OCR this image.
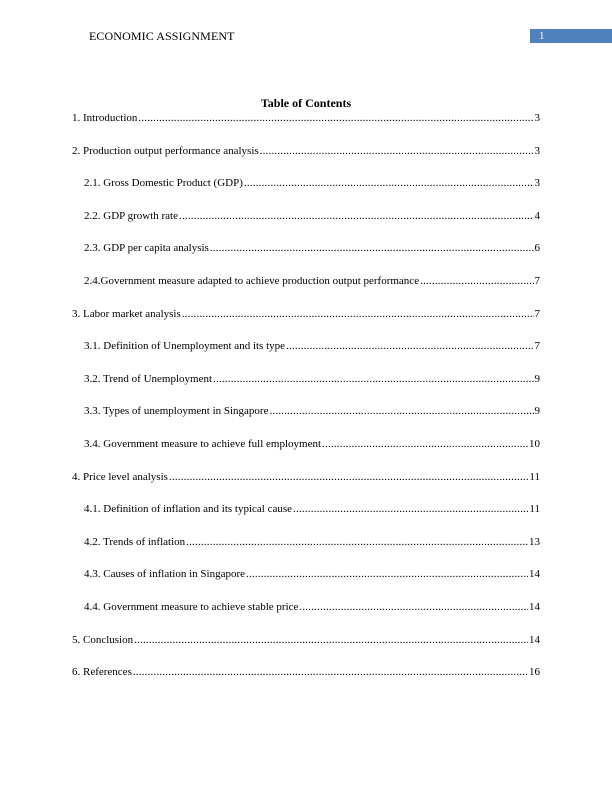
ECONOMIC ASSIGNMENT	1
Table of Contents
1. Introduction .....	3
2. Production output performance analysis .....	3
2.1. Gross Domestic Product (GDP) .....	3
2.2. GDP growth rate .....	4
2.3. GDP per capita analysis .....	6
2.4.Government measure adapted to achieve production output performance .....	7
3. Labor market analysis .....	7
3.1. Definition of Unemployment and its type .....	7
3.2. Trend of Unemployment .....	9
3.3. Types of unemployment in Singapore .....	9
3.4. Government measure to achieve full employment .....	10
4. Price level analysis .....	11
4.1. Definition of inflation and its typical cause .....	11
4.2. Trends of inflation .....	13
4.3. Causes of inflation in Singapore .....	14
4.4. Government measure to achieve stable price .....	14
5. Conclusion .....	14
6. References .....	16
